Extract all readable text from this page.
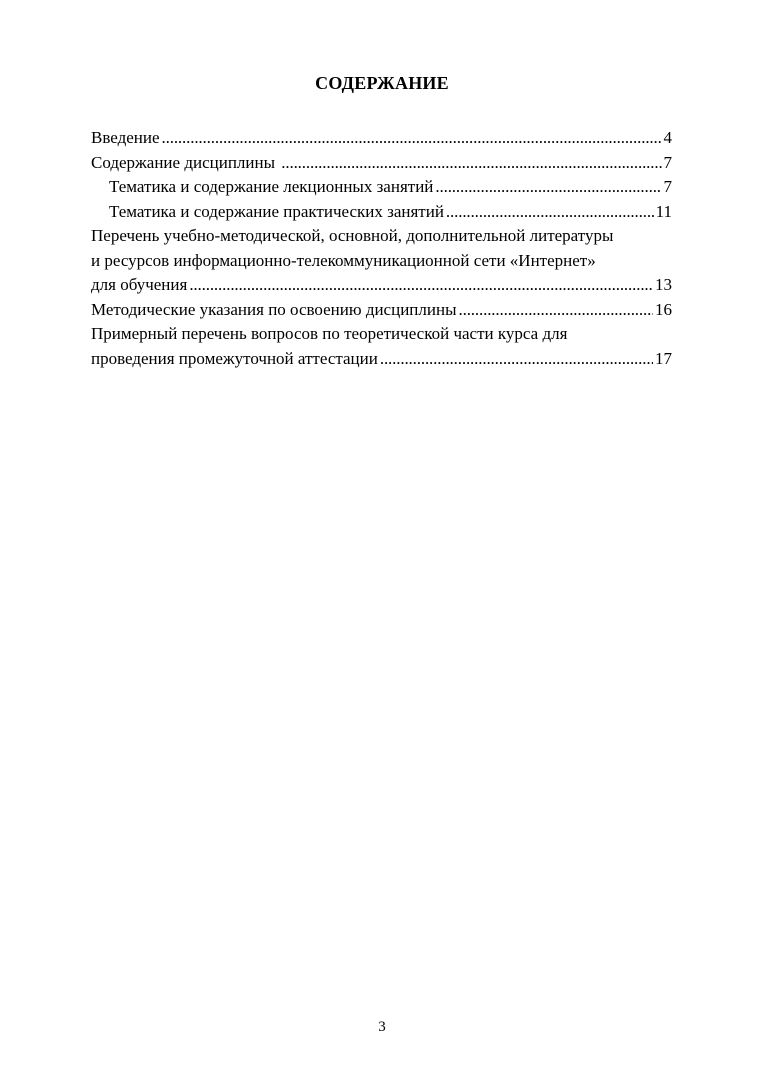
СОДЕРЖАНИЕ
Введение . . .	4
Содержание дисциплины . . .	7
Тематика и содержание лекционных занятий . . .	7
Тематика и содержание практических занятий . . .	11
Перечень учебно-методической, основной, дополнительной литературы
и ресурсов информационно-телекоммуникационной сети «Интернет»
для обучения . . .	13
Методические указания по освоению дисциплины . . .	16
Примерный перечень вопросов по теоретической части курса для
проведения промежуточной аттестации . . .	17
3
